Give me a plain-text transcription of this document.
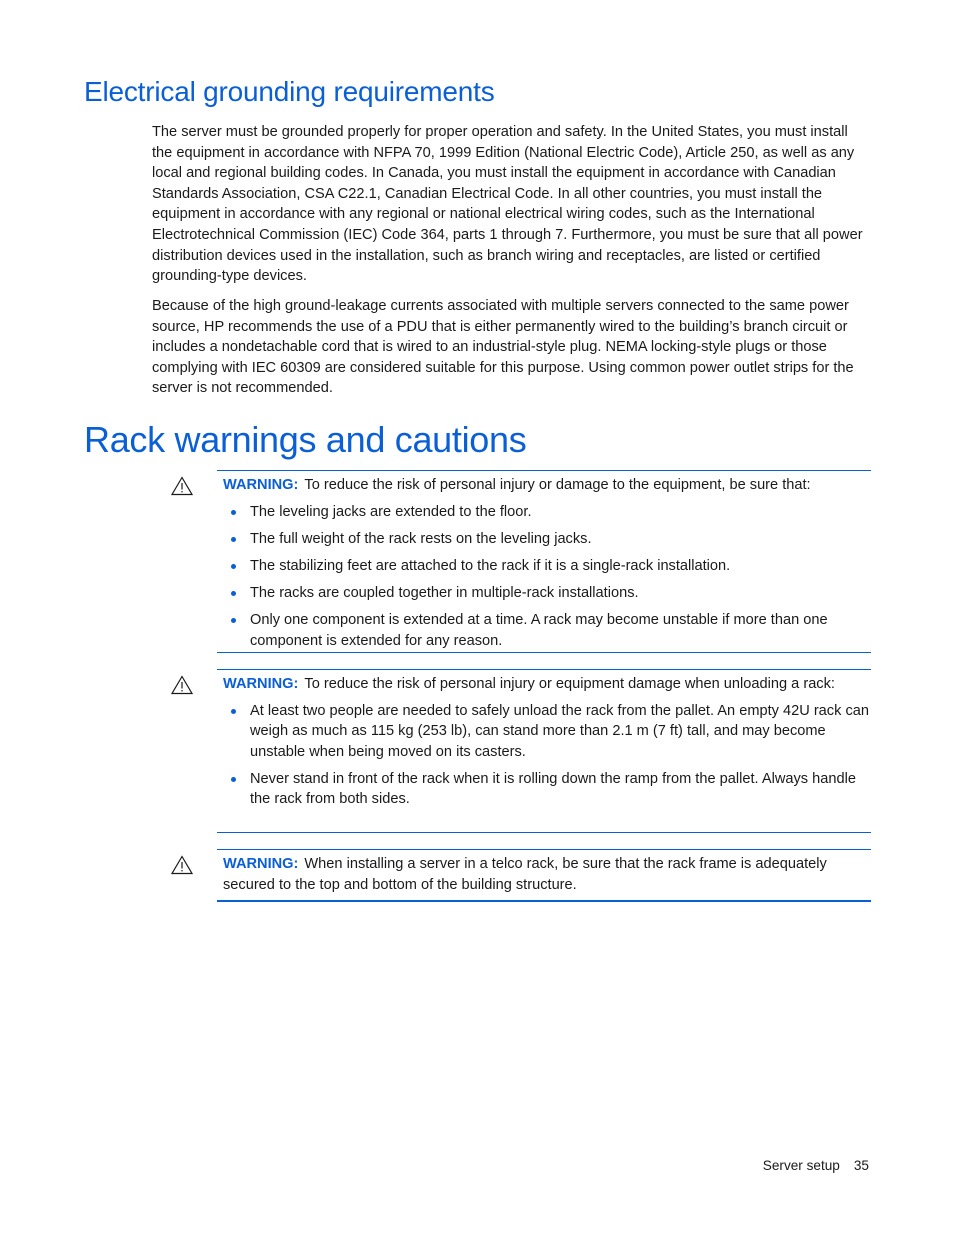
Electrical grounding requirements

The server must be grounded properly for proper operation and safety. In the United States, you must install the equipment in accordance with NFPA 70, 1999 Edition (National Electric Code), Article 250, as well as any local and regional building codes. In Canada, you must install the equipment in accordance with Canadian Standards Association, CSA C22.1, Canadian Electrical Code. In all other countries, you must install the equipment in accordance with any regional or national electrical wiring codes, such as the International Electrotechnical Commission (IEC) Code 364, parts 1 through 7. Furthermore, you must be sure that all power distribution devices used in the installation, such as branch wiring and receptacles, are listed or certified grounding-type devices.

Because of the high ground-leakage currents associated with multiple servers connected to the same power source, HP recommends the use of a PDU that is either permanently wired to the building’s branch circuit or includes a nondetachable cord that is wired to an industrial-style plug. NEMA locking-style plugs or those complying with IEC 60309 are considered suitable for this purpose. Using common power outlet strips for the server is not recommended.

Rack warnings and cautions
WARNING: To reduce the risk of personal injury or damage to the equipment, be sure that:
The leveling jacks are extended to the floor.
The full weight of the rack rests on the leveling jacks.
The stabilizing feet are attached to the rack if it is a single-rack installation.
The racks are coupled together in multiple-rack installations.
Only one component is extended at a time. A rack may become unstable if more than one component is extended for any reason.
WARNING: To reduce the risk of personal injury or equipment damage when unloading a rack:
At least two people are needed to safely unload the rack from the pallet. An empty 42U rack can weigh as much as 115 kg (253 lb), can stand more than 2.1 m (7 ft) tall, and may become unstable when being moved on its casters.
Never stand in front of the rack when it is rolling down the ramp from the pallet. Always handle the rack from both sides.
WARNING: When installing a server in a telco rack, be sure that the rack frame is adequately secured to the top and bottom of the building structure.
Server setup 35
